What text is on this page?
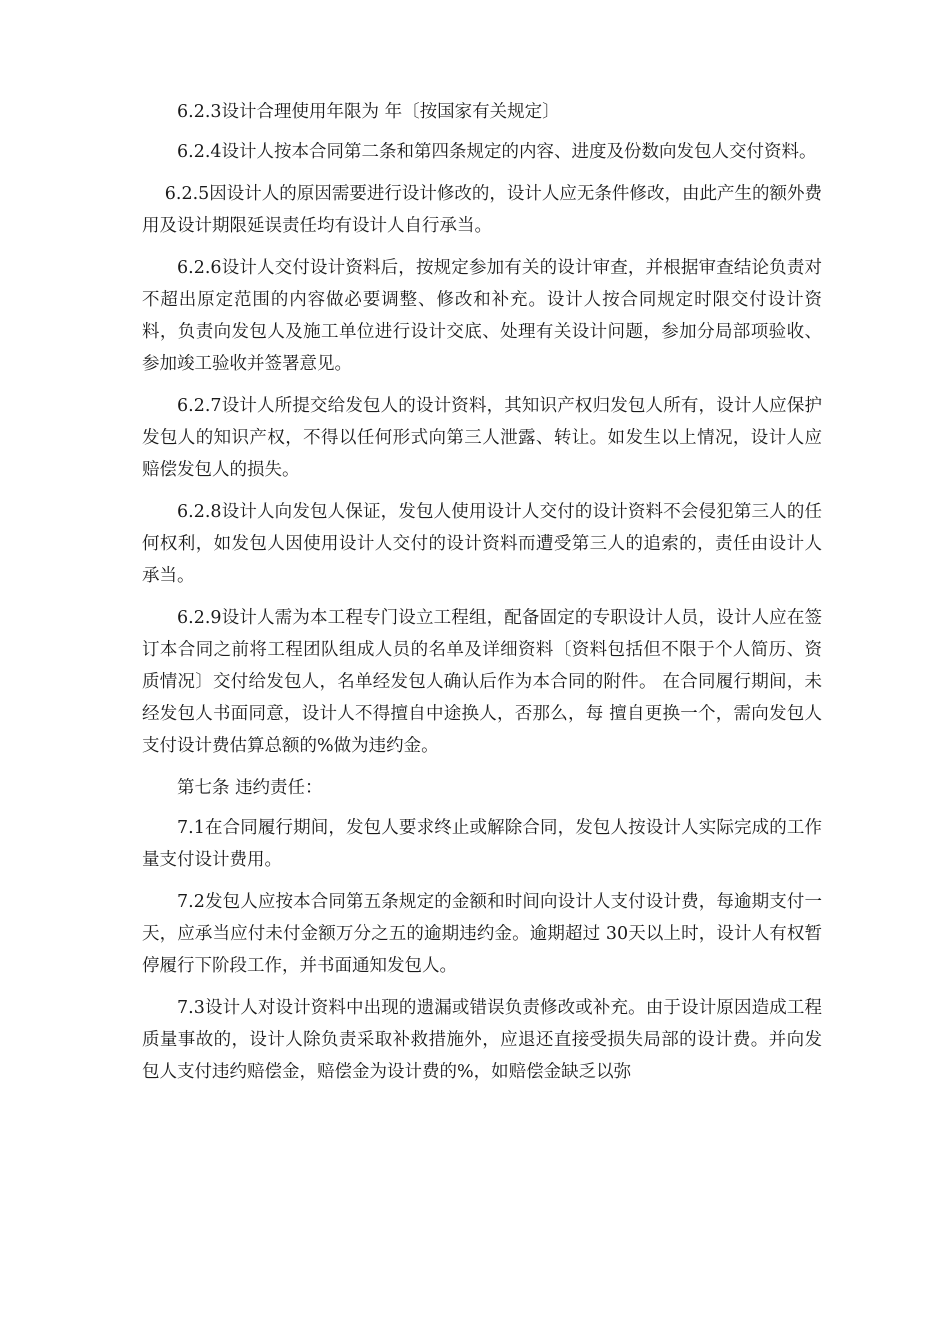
6.2.3设计合理使用年限为 年〔按国家有关规定〕

6.2.4设计人按本合同第二条和第四条规定的内容、进度及份数向发包人交付资料。

6.2.5因设计人的原因需要进行设计修改的，设计人应无条件修改，由此产生的额外费用及设计期限延误责任均有设计人自行承当。

6.2.6设计人交付设计资料后，按规定参加有关的设计审查，并根据审查结论负责对不超出原定范围的内容做必要调整、修改和补充。设计人按合同规定时限交付设计资料，负责向发包人及施工单位进行设计交底、处理有关设计问题，参加分局部项验收、参加竣工验收并签署意见。

6.2.7设计人所提交给发包人的设计资料，其知识产权归发包人所有，设计人应保护发包人的知识产权，不得以任何形式向第三人泄露、转让。如发生以上情况，设计人应赔偿发包人的损失。

6.2.8设计人向发包人保证，发包人使用设计人交付的设计资料不会侵犯第三人的任何权利，如发包人因使用设计人交付的设计资料而遭受第三人的追索的，责任由设计人承当。

6.2.9设计人需为本工程专门设立工程组，配备固定的专职设计人员，设计人应在签订本合同之前将工程团队组成人员的名单及详细资料〔资料包括但不限于个人简历、资质情况〕交付给发包人，名单经发包人确认后作为本合同的附件。 在合同履行期间，未经发包人书面同意，设计人不得擅自中途换人，否那么，每 擅自更换一个，需向发包人支付设计费估算总额的%做为违约金。

第七条 违约责任：

7.1在合同履行期间，发包人要求终止或解除合同，发包人按设计人实际完成的工作量支付设计费用。

7.2发包人应按本合同第五条规定的金额和时间向设计人支付设计费，每逾期支付一天，应承当应付未付金额万分之五的逾期违约金。逾期超过 30天以上时，设计人有权暂停履行下阶段工作，并书面通知发包人。

7.3设计人对设计资料中出现的遗漏或错误负责修改或补充。由于设计原因造成工程质量事故的，设计人除负责采取补救措施外，应退还直接受损失局部的设计费。并向发包人支付违约赔偿金，赔偿金为设计费的%，如赔偿金缺乏以弥
